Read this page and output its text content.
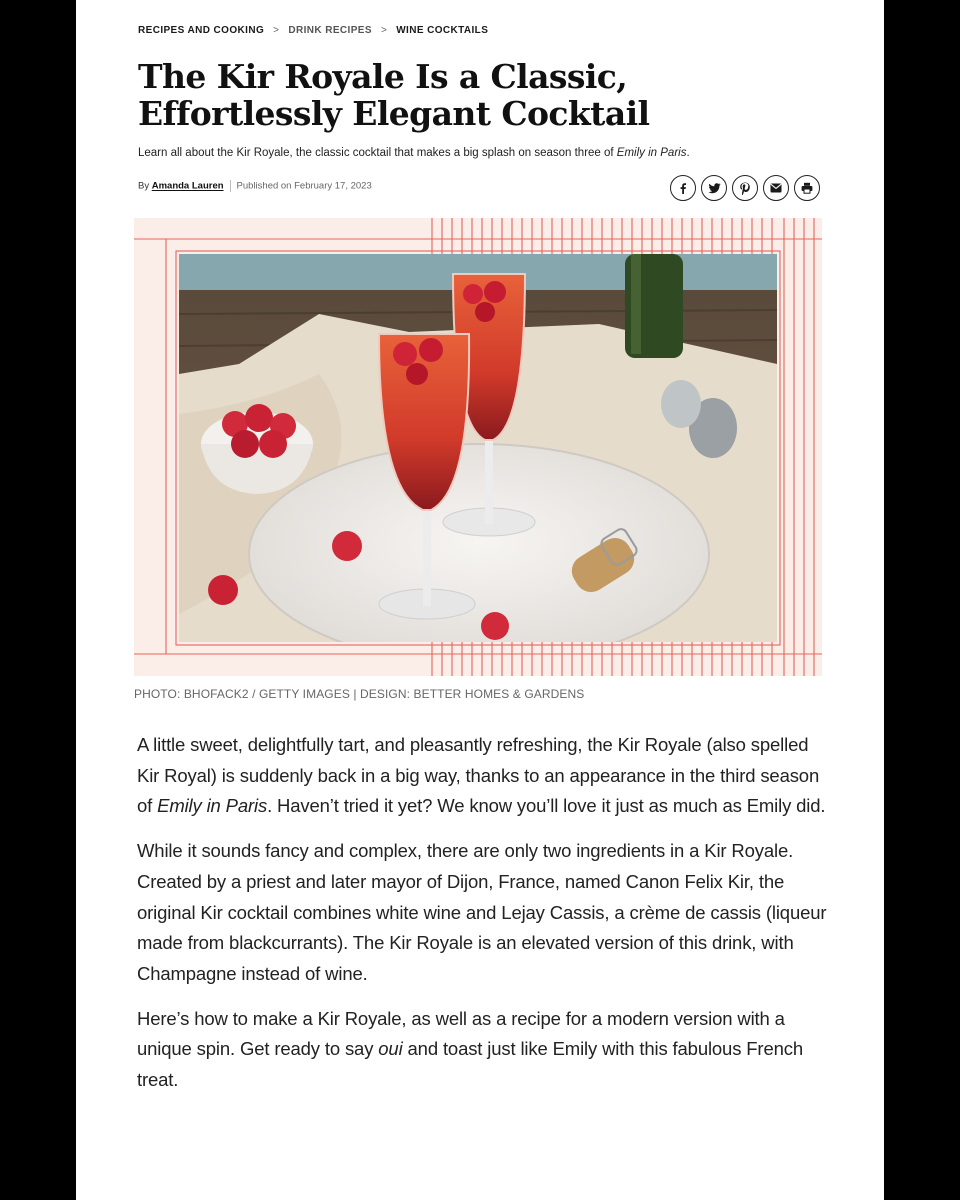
RECIPES AND COOKING > DRINK RECIPES > WINE COCKTAILS
The Kir Royale Is a Classic, Effortlessly Elegant Cocktail
Learn all about the Kir Royale, the classic cocktail that makes a big splash on season three of Emily in Paris.
By Amanda Lauren Published on February 17, 2023
PHOTO: BHOFACK2 / GETTY IMAGES | DESIGN: BETTER HOMES & GARDENS

A little sweet, delightfully tart, and pleasantly refreshing, the Kir Royale (also spelled Kir Royal) is suddenly back in a big way, thanks to an appearance in the third season of Emily in Paris. Haven’t tried it yet? We know you’ll love it just as much as Emily did.

While it sounds fancy and complex, there are only two ingredients in a Kir Royale. Created by a priest and later mayor of Dijon, France, named Canon Felix Kir, the original Kir cocktail combines white wine and Lejay Cassis, a crème de cassis (liqueur made from blackcurrants). The Kir Royale is an elevated version of this drink, with Champagne instead of wine.

Here’s how to make a Kir Royale, as well as a recipe for a modern version with a unique spin. Get ready to say oui and toast just like Emily with this fabulous French treat.
